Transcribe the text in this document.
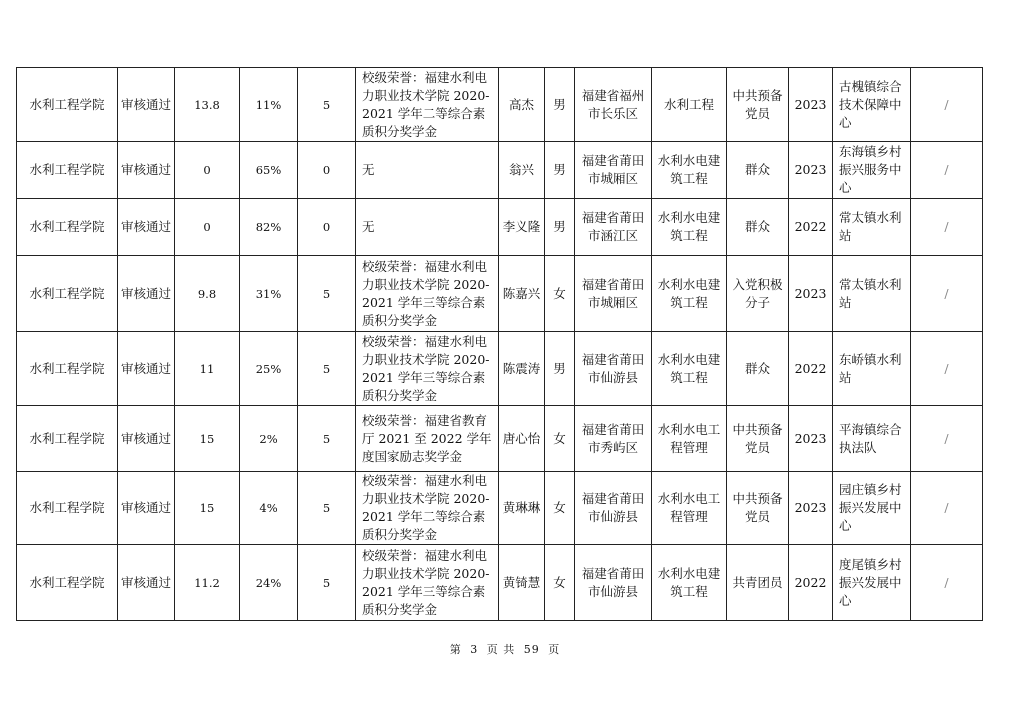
水利工程学院	审核通过	13.8	11%	5	校级荣誉：福建水利电力职业技术学院 2020-2021 学年二等综合素质积分奖学金	高杰	男	福建省福州市长乐区	水利工程	中共预备党员	2023	古槐镇综合技术保障中心	/
水利工程学院	审核通过	0	65%	0	无	翁兴	男	福建省莆田市城厢区	水利水电建筑工程	群众	2023	东海镇乡村振兴服务中心	/
水利工程学院	审核通过	0	82%	0	无	李义隆	男	福建省莆田市涵江区	水利水电建筑工程	群众	2022	常太镇水利站	/
水利工程学院	审核通过	9.8	31%	5	校级荣誉：福建水利电力职业技术学院 2020-2021 学年三等综合素质积分奖学金	陈嘉兴	女	福建省莆田市城厢区	水利水电建筑工程	入党积极分子	2023	常太镇水利站	/
水利工程学院	审核通过	11	25%	5	校级荣誉：福建水利电力职业技术学院 2020-2021 学年三等综合素质积分奖学金	陈震涛	男	福建省莆田市仙游县	水利水电建筑工程	群众	2022	东峤镇水利站	/
水利工程学院	审核通过	15	2%	5	校级荣誉：福建省教育厅 2021 至 2022 学年度国家励志奖学金	唐心怡	女	福建省莆田市秀屿区	水利水电工程管理	中共预备党员	2023	平海镇综合执法队	/
水利工程学院	审核通过	15	4%	5	校级荣誉：福建水利电力职业技术学院 2020-2021 学年二等综合素质积分奖学金	黄琳琳	女	福建省莆田市仙游县	水利水电工程管理	中共预备党员	2023	园庄镇乡村振兴发展中心	/
水利工程学院	审核通过	11.2	24%	5	校级荣誉：福建水利电力职业技术学院 2020-2021 学年三等综合素质积分奖学金	黄锜慧	女	福建省莆田市仙游县	水利水电建筑工程	共青团员	2022	度尾镇乡村振兴发展中心	/
第 3 页 共 59 页
